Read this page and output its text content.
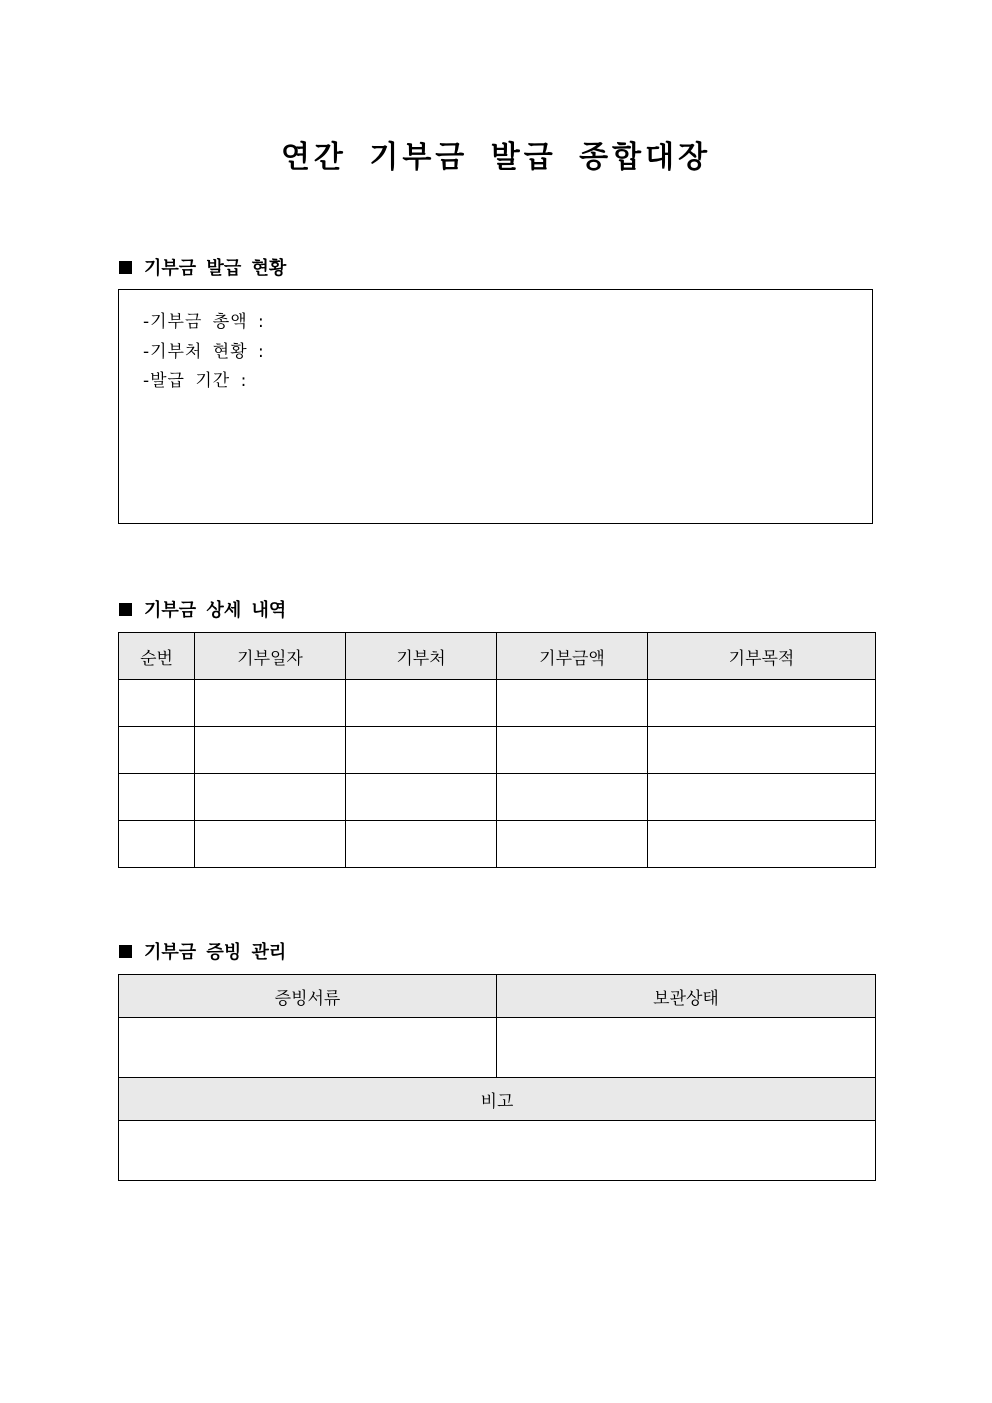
연간 기부금 발급 종합대장
기부금 발급 현황
-기부금 총액 :
-기부처 현황 :
-발급 기간 :
기부금 상세 내역
순번	기부일자	기부처	기부금액	기부목적

기부금 증빙 관리
증빙서류	보관상태

비고	
